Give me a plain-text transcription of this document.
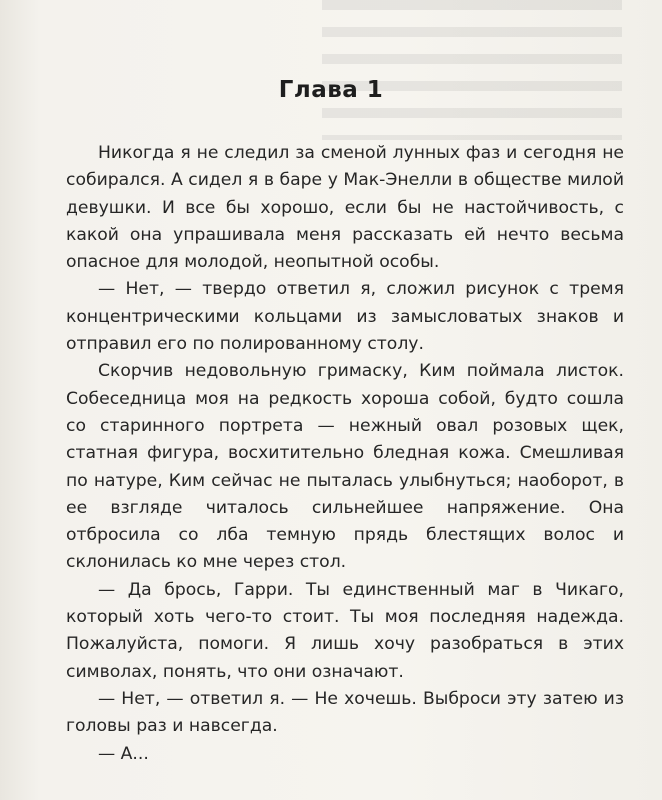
Глава 1

Никогда я не следил за сменой лунных фаз и сегодня не собирался. А сидел я в баре у Мак-Энелли в обществе милой девушки. И все бы хорошо, если бы не настойчивость, с какой она упрашивала меня рассказать ей нечто весьма опасное для молодой, неопытной особы.

— Нет, — твердо ответил я, сложил рисунок с тремя концентрическими кольцами из замысловатых знаков и отправил его по полированному столу.

Скорчив недовольную гримаску, Ким поймала листок. Собеседница моя на редкость хороша собой, будто сошла со старинного портрета — нежный овал розовых щек, статная фигура, восхитительно бледная кожа. Смешливая по натуре, Ким сейчас не пыталась улыбнуться; наоборот, в ее взгляде читалось сильнейшее напряжение. Она отбросила со лба темную прядь блестящих волос и склонилась ко мне через стол.

— Да брось, Гарри. Ты единственный маг в Чикаго, который хоть чего-то стоит. Ты моя последняя надежда. Пожалуйста, помоги. Я лишь хочу разобраться в этих символах, понять, что они означают.

— Нет, — ответил я. — Не хочешь. Выброси эту затею из головы раз и навсегда.

— А...
